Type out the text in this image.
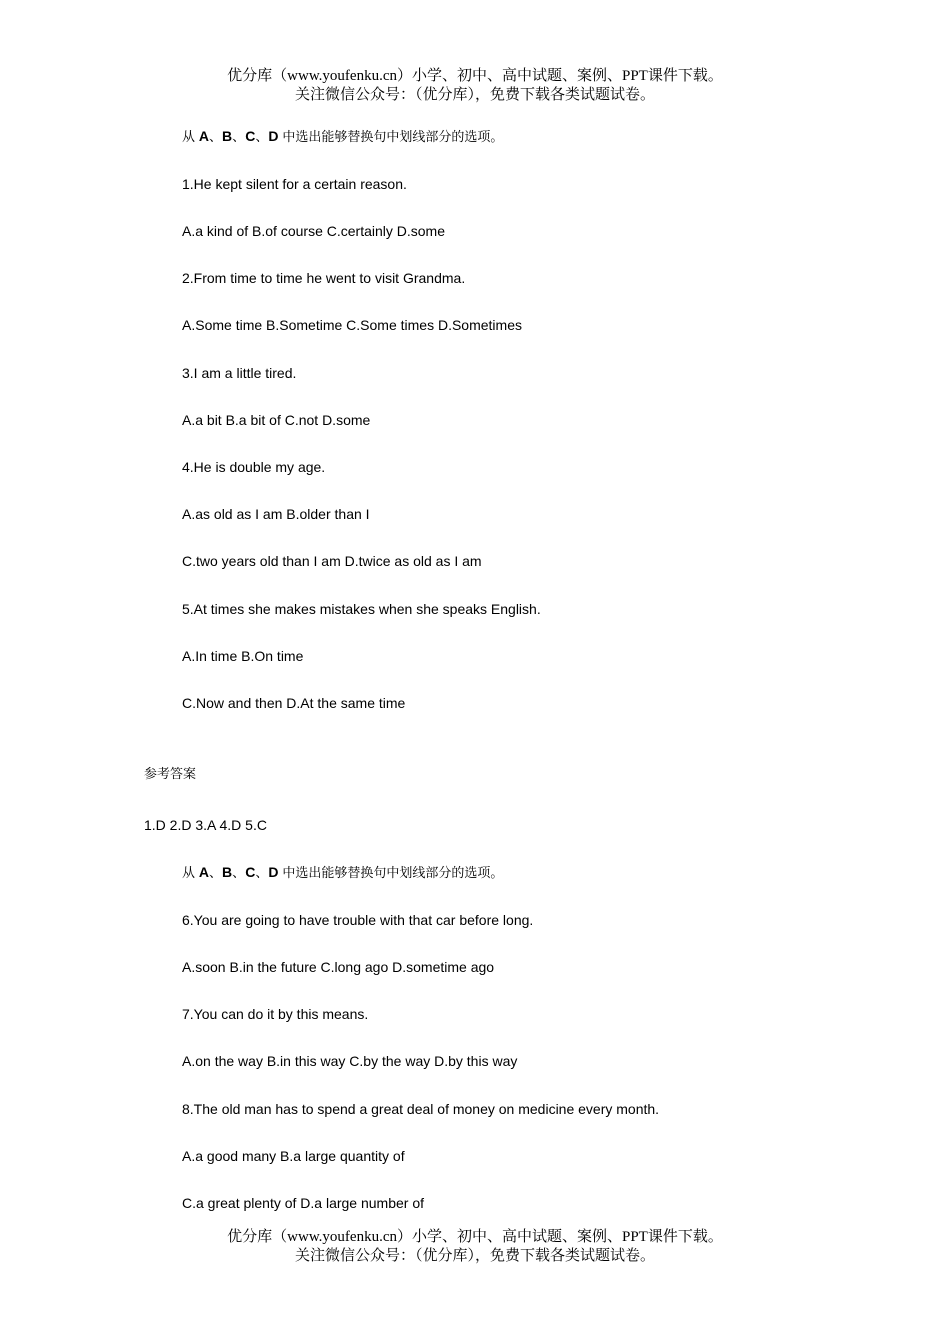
优分库（www.youfenku.cn）小学、初中、高中试题、案例、PPT课件下载。
关注微信公众号：（优分库），免费下载各类试题试卷。
从 A、B、C、D 中选出能够替换句中划线部分的选项。
1.He kept silent for a certain reason.
A.a kind of B.of course C.certainly D.some
2.From time to time he went to visit Grandma.
A.Some time B.Sometime C.Some times D.Sometimes
3.I am a little tired.
A.a bit B.a bit of C.not D.some
4.He is double my age.
A.as old as I am B.older than I
C.two years old than I am D.twice as old as I am
5.At times she makes mistakes when she speaks English.
A.In time B.On time
C.Now and then D.At the same time
参考答案
1.D 2.D 3.A 4.D 5.C
从 A、B、C、D 中选出能够替换句中划线部分的选项。
6.You are going to have trouble with that car before long.
A.soon B.in the future C.long ago D.sometime ago
7.You can do it by this means.
A.on the way B.in this way C.by the way D.by this way
8.The old man has to spend a great deal of money on medicine every month.
A.a good many B.a large quantity of
C.a great plenty of D.a large number of
优分库（www.youfenku.cn）小学、初中、高中试题、案例、PPT课件下载。
关注微信公众号：（优分库），免费下载各类试题试卷。
